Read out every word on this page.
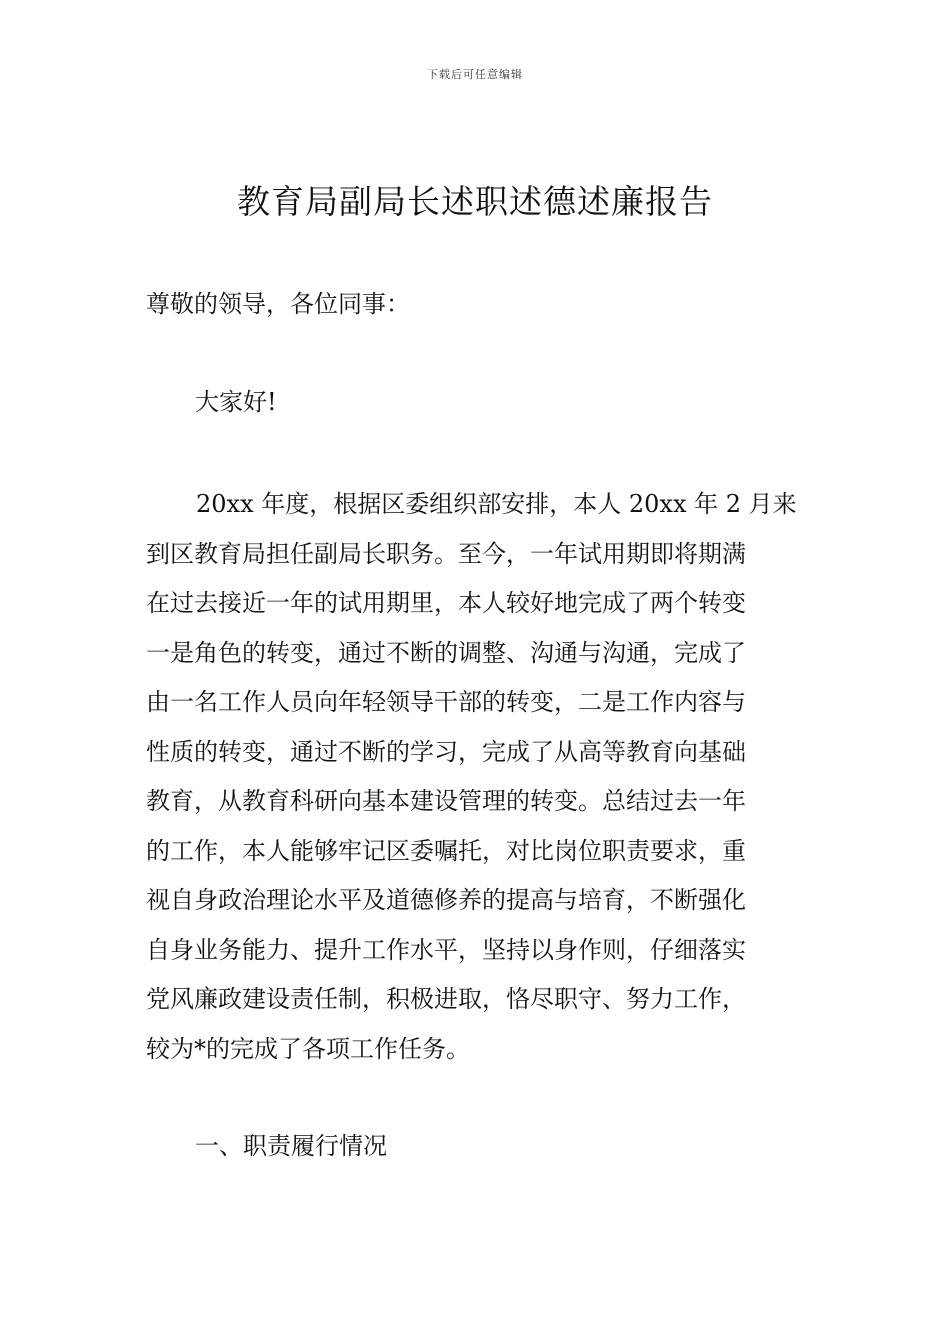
下载后可任意编辑
教育局副局长述职述德述廉报告

尊敬的领导，各位同事：

大家好!

20xx 年度，根据区委组织部安排，本人 20xx 年 2 月来
到区教育局担任副局长职务。至今，一年试用期即将期满
在过去接近一年的试用期里，本人较好地完成了两个转变
一是角色的转变，通过不断的调整、沟通与沟通，完成了
由一名工作人员向年轻领导干部的转变，二是工作内容与
性质的转变，通过不断的学习，完成了从高等教育向基础
教育，从教育科研向基本建设管理的转变。总结过去一年
的工作，本人能够牢记区委嘱托，对比岗位职责要求，重
视自身政治理论水平及道德修养的提高与培育，不断强化
自身业务能力、提升工作水平，坚持以身作则，仔细落实
党风廉政建设责任制，积极进取，恪尽职守、努力工作，
较为*的完成了各项工作任务。
一、职责履行情况
